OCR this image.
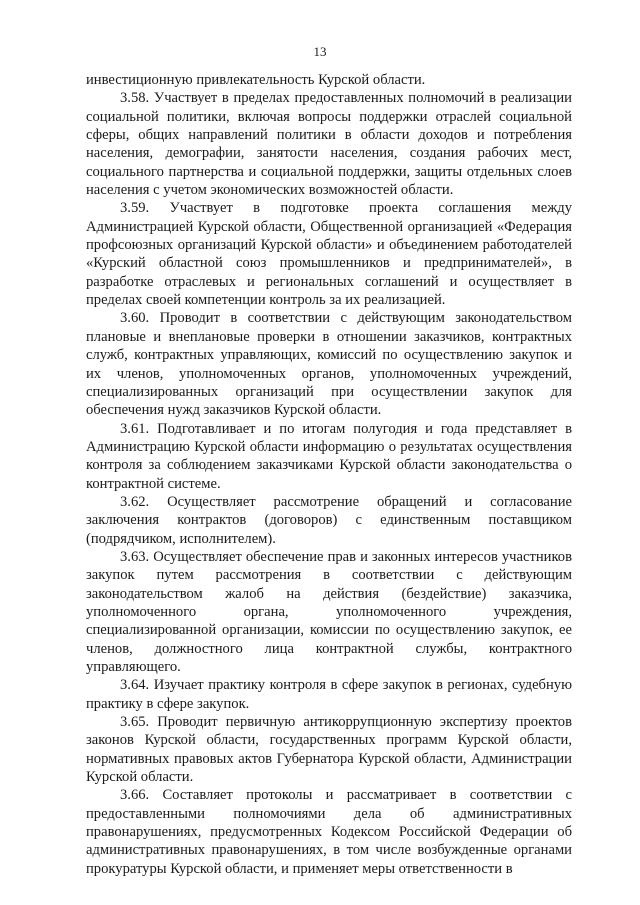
13

инвестиционную привлекательность Курской области.

3.58. Участвует в пределах предоставленных полномочий в реализации социальной политики, включая вопросы поддержки отраслей социальной сферы, общих направлений политики в области доходов и потребления населения, демографии, занятости населения, создания рабочих мест, социального партнерства и социальной поддержки, защиты отдельных слоев населения с учетом экономических возможностей области.

3.59. Участвует в подготовке проекта соглашения между Администрацией Курской области, Общественной организацией «Федерация профсоюзных организаций Курской области» и объединением работодателей «Курский областной союз промышленников и предпринимателей», в разработке отраслевых и региональных соглашений и осуществляет в пределах своей компетенции контроль за их реализацией.

3.60. Проводит в соответствии с действующим законодательством плановые и внеплановые проверки в отношении заказчиков, контрактных служб, контрактных управляющих, комиссий по осуществлению закупок и их членов, уполномоченных органов, уполномоченных учреждений, специализированных организаций при осуществлении закупок для обеспечения нужд заказчиков Курской области.

3.61. Подготавливает и по итогам полугодия и года представляет в Администрацию Курской области информацию о результатах осуществления контроля за соблюдением заказчиками Курской области законодательства о контрактной системе.

3.62. Осуществляет рассмотрение обращений и согласование заключения контрактов (договоров) с единственным поставщиком (подрядчиком, исполнителем).

3.63. Осуществляет обеспечение прав и законных интересов участников закупок путем рассмотрения в соответствии с действующим законодательством жалоб на действия (бездействие) заказчика, уполномоченного органа, уполномоченного учреждения, специализированной организации, комиссии по осуществлению закупок, ее членов, должностного лица контрактной службы, контрактного управляющего.

3.64. Изучает практику контроля в сфере закупок в регионах, судебную практику в сфере закупок.

3.65. Проводит первичную антикоррупционную экспертизу проектов законов Курской области, государственных программ Курской области, нормативных правовых актов Губернатора Курской области, Администрации Курской области.

3.66. Составляет протоколы и рассматривает в соответствии с предоставленными полномочиями дела об административных правонарушениях, предусмотренных Кодексом Российской Федерации об административных правонарушениях, в том числе возбужденные органами прокуратуры Курской области, и применяет меры ответственности в
